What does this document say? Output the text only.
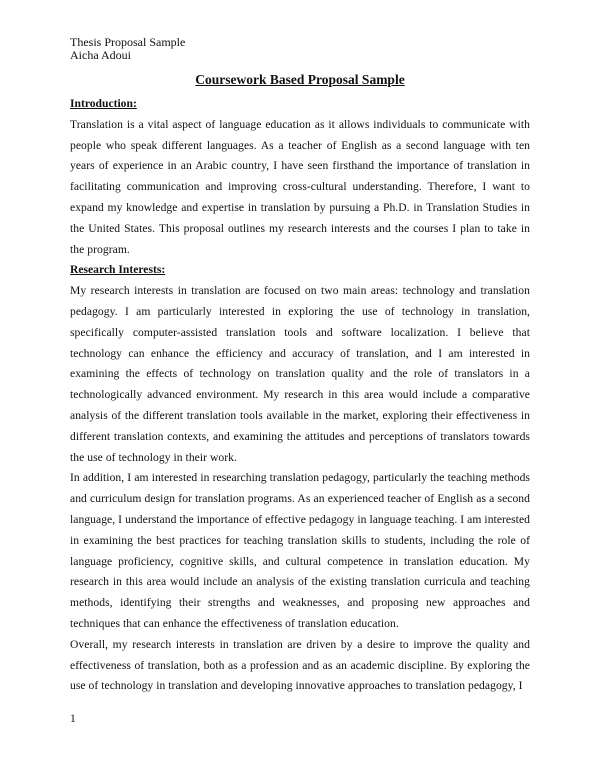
Thesis Proposal Sample
Aicha Adoui
Coursework Based Proposal Sample
Introduction:

Translation is a vital aspect of language education as it allows individuals to communicate with people who speak different languages. As a teacher of English as a second language with ten years of experience in an Arabic country, I have seen firsthand the importance of translation in facilitating communication and improving cross-cultural understanding. Therefore, I want to expand my knowledge and expertise in translation by pursuing a Ph.D. in Translation Studies in the United States. This proposal outlines my research interests and the courses I plan to take in the program.

Research Interests:

My research interests in translation are focused on two main areas: technology and translation pedagogy. I am particularly interested in exploring the use of technology in translation, specifically computer-assisted translation tools and software localization. I believe that technology can enhance the efficiency and accuracy of translation, and I am interested in examining the effects of technology on translation quality and the role of translators in a technologically advanced environment. My research in this area would include a comparative analysis of the different translation tools available in the market, exploring their effectiveness in different translation contexts, and examining the attitudes and perceptions of translators towards the use of technology in their work.

In addition, I am interested in researching translation pedagogy, particularly the teaching methods and curriculum design for translation programs. As an experienced teacher of English as a second language, I understand the importance of effective pedagogy in language teaching. I am interested in examining the best practices for teaching translation skills to students, including the role of language proficiency, cognitive skills, and cultural competence in translation education. My research in this area would include an analysis of the existing translation curricula and teaching methods, identifying their strengths and weaknesses, and proposing new approaches and techniques that can enhance the effectiveness of translation education.

Overall, my research interests in translation are driven by a desire to improve the quality and effectiveness of translation, both as a profession and as an academic discipline. By exploring the use of technology in translation and developing innovative approaches to translation pedagogy, I

1
